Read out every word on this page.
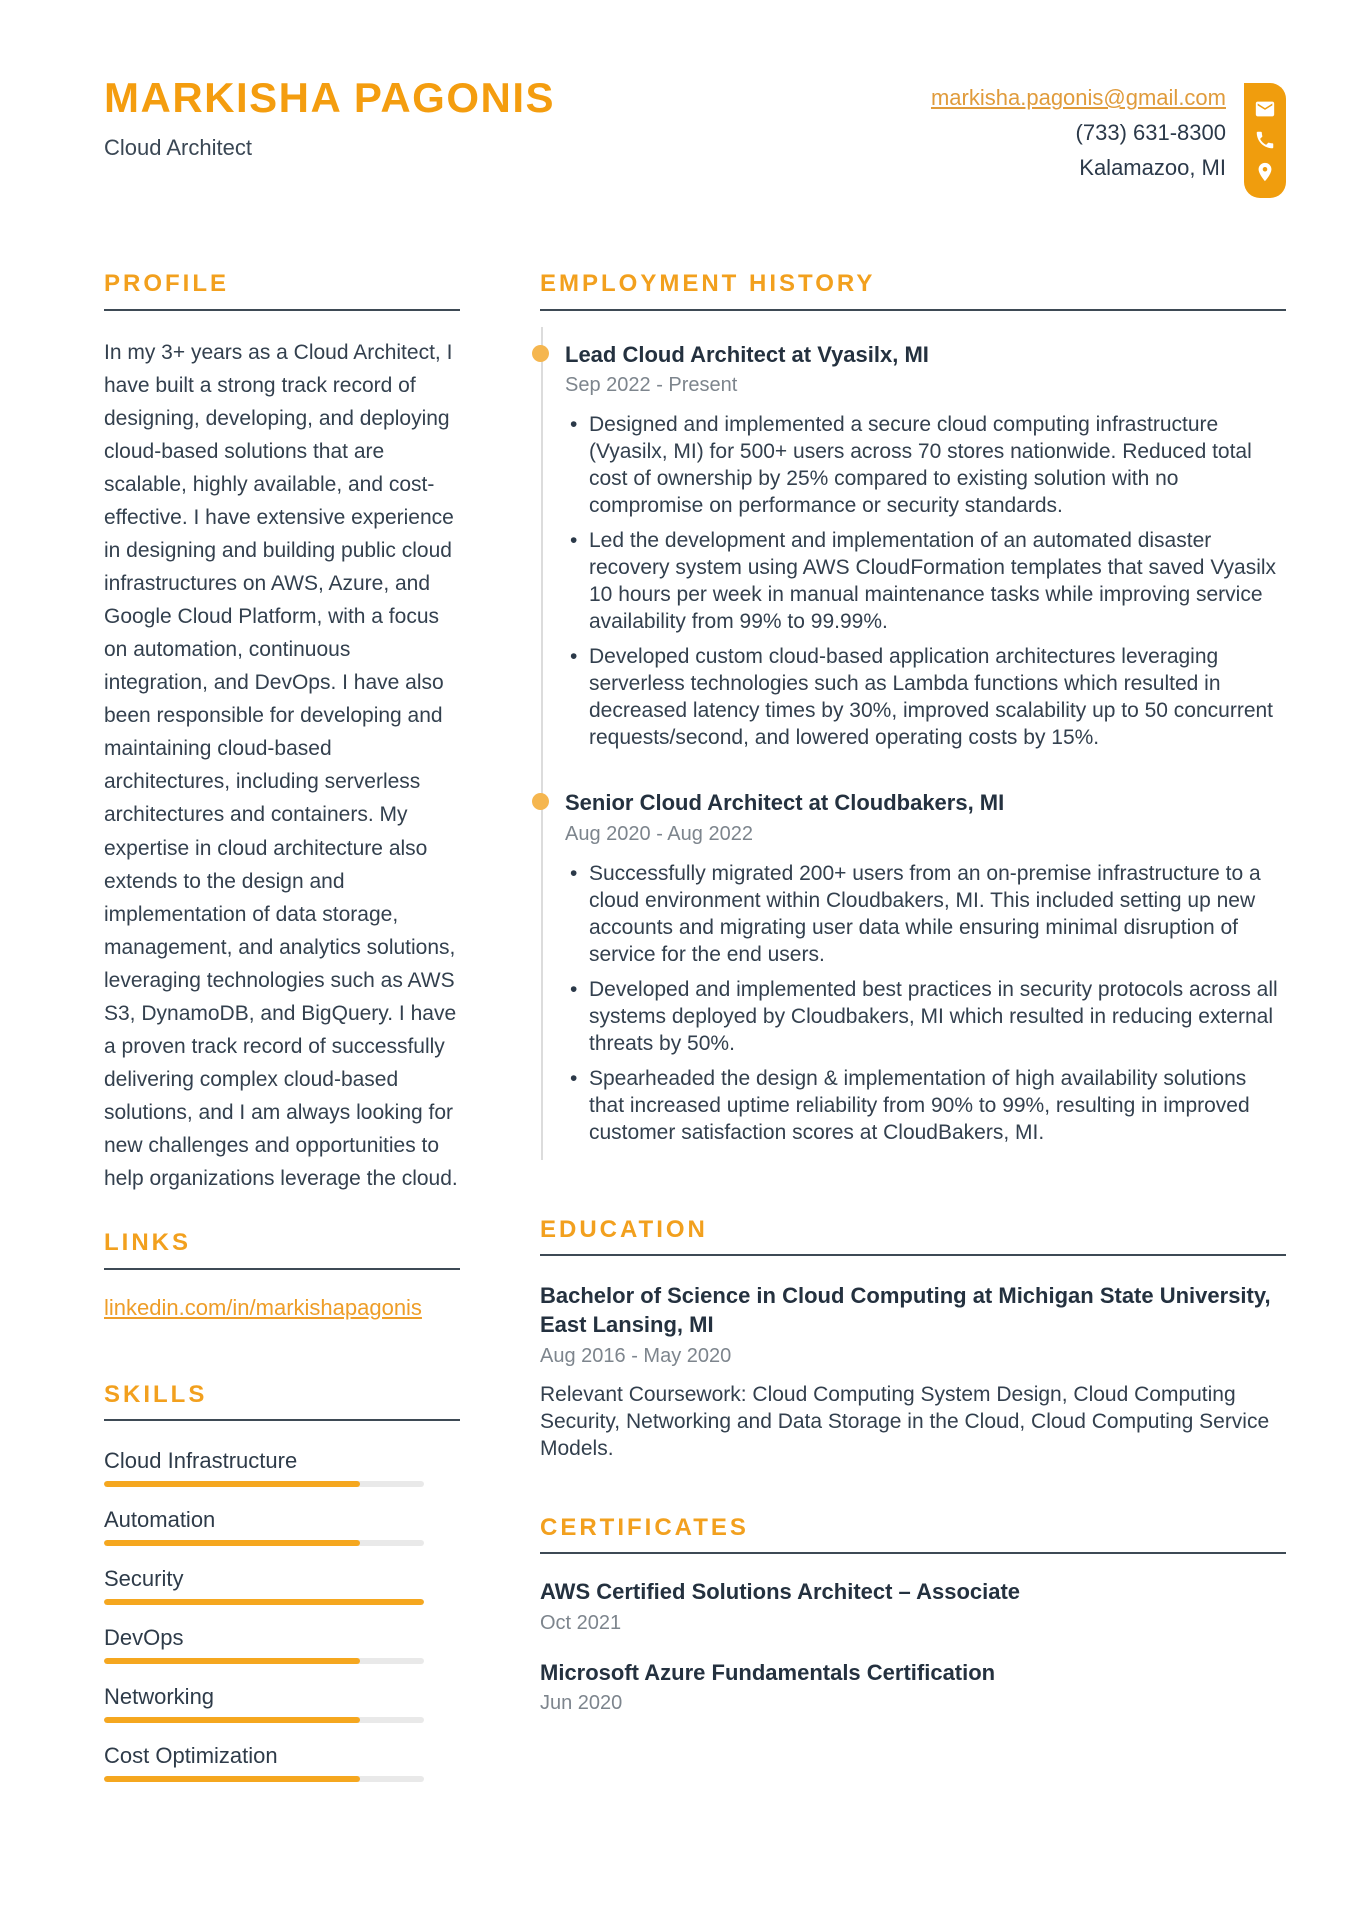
MARKISHA PAGONIS
Cloud Architect
markisha.pagonis@gmail.com
(733) 631-8300
Kalamazoo, MI
PROFILE

In my 3+ years as a Cloud Architect, I have built a strong track record of designing, developing, and deploying cloud-based solutions that are scalable, highly available, and cost-effective. I have extensive experience in designing and building public cloud infrastructures on AWS, Azure, and Google Cloud Platform, with a focus on automation, continuous integration, and DevOps. I have also been responsible for developing and maintaining cloud-based architectures, including serverless architectures and containers. My expertise in cloud architecture also extends to the design and implementation of data storage, management, and analytics solutions, leveraging technologies such as AWS S3, DynamoDB, and BigQuery. I have a proven track record of successfully delivering complex cloud-based solutions, and I am always looking for new challenges and opportunities to help organizations leverage the cloud.

LINKS
linkedin.com/in/markishapagonis
SKILLS
Cloud Infrastructure
Automation
Security
DevOps
Networking
Cost Optimization
EMPLOYMENT HISTORY
Lead Cloud Architect at Vyasilx, MI
Sep 2022 - Present
• Designed and implemented a secure cloud computing infrastructure (Vyasilx, MI) for 500+ users across 70 stores nationwide. Reduced total cost of ownership by 25% compared to existing solution with no compromise on performance or security standards.
• Led the development and implementation of an automated disaster recovery system using AWS CloudFormation templates that saved Vyasilx 10 hours per week in manual maintenance tasks while improving service availability from 99% to 99.99%.
• Developed custom cloud-based application architectures leveraging serverless technologies such as Lambda functions which resulted in decreased latency times by 30%, improved scalability up to 50 concurrent requests/second, and lowered operating costs by 15%.
Senior Cloud Architect at Cloudbakers, MI
Aug 2020 - Aug 2022
• Successfully migrated 200+ users from an on-premise infrastructure to a cloud environment within Cloudbakers, MI. This included setting up new accounts and migrating user data while ensuring minimal disruption of service for the end users.
• Developed and implemented best practices in security protocols across all systems deployed by Cloudbakers, MI which resulted in reducing external threats by 50%.
• Spearheaded the design & implementation of high availability solutions that increased uptime reliability from 90% to 99%, resulting in improved customer satisfaction scores at CloudBakers, MI.
EDUCATION
Bachelor of Science in Cloud Computing at Michigan State University, East Lansing, MI
Aug 2016 - May 2020

Relevant Coursework: Cloud Computing System Design, Cloud Computing Security, Networking and Data Storage in the Cloud, Cloud Computing Service Models.

CERTIFICATES
AWS Certified Solutions Architect – Associate
Oct 2021
Microsoft Azure Fundamentals Certification
Jun 2020
